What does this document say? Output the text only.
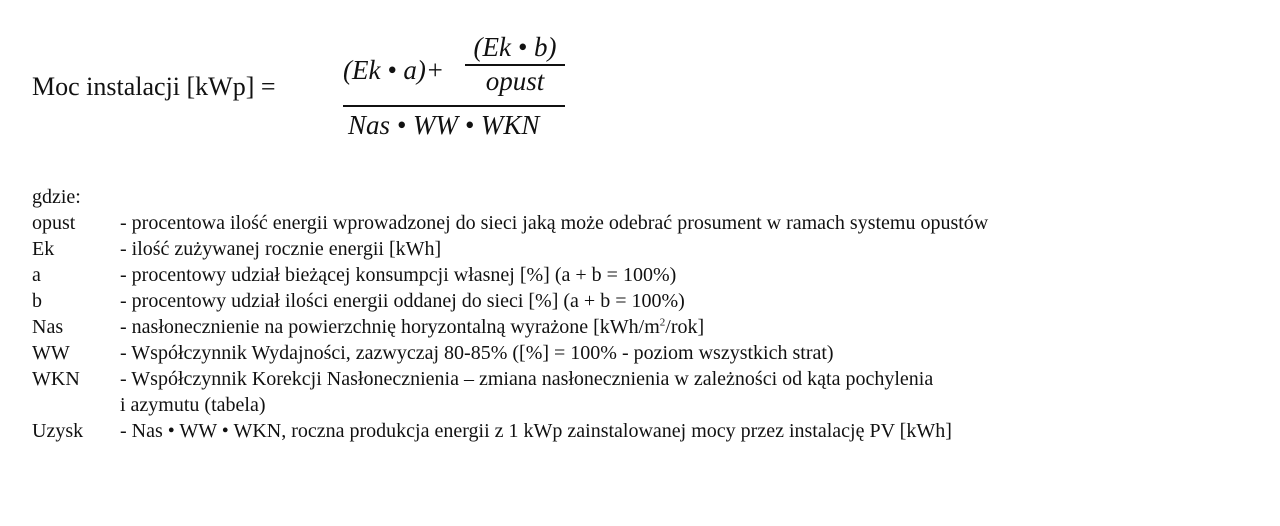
Moc instalacji [kWp] =
(Ek • a)+
(Ek • b)
opust
Nas • WW • WKN
gdzie:
opust - procentowa ilość energii wprowadzonej do sieci jaką może odebrać prosument w ramach systemu opustów
Ek	- ilość zużywanej rocznie energii [kWh]
a	- procentowy udział bieżącej konsumpcji własnej [%] (a + b = 100%)
b	- procentowy udział ilości energii oddanej do sieci [%] (a + b = 100%)
Nas	- nasłonecznienie na powierzchnię horyzontalną wyrażone $[kWh/m^2/rok]$
WW	- Współczynnik Wydajności, zazwyczaj 80-85% ([%] = 100% - poziom wszystkich strat)
WKN - Współczynnik Korekcji Nasłonecznienia – zmiana nasłonecznienia w zależności od kąta pochylenia
i azymutu (tabela)
Uzysk - Nas • WW • WKN, roczna produkcja energii z 1 kWp zainstalowanej mocy przez instalację PV [kWh]
